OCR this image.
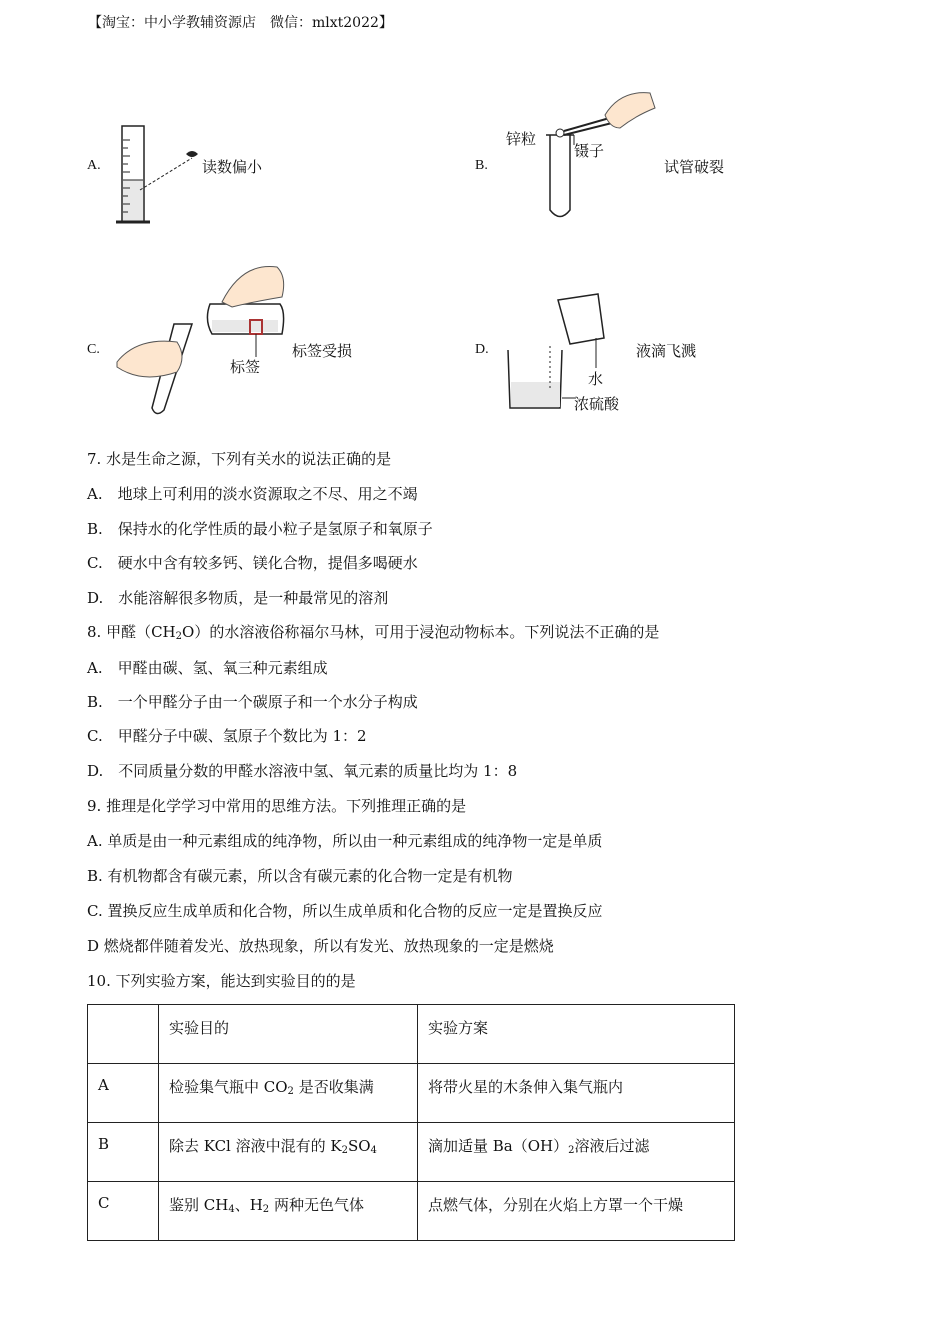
【淘宝：中小学教辅资源店　微信：mlxt2022】
A.	读数偏小	B.
锌粒
镊子
试管破裂
C.
标签
标签受损	D.
水
浓硫酸
液滴飞溅
7. 水是生命之源，下列有关水的说法正确的是
A.　地球上可利用的淡水资源取之不尽、用之不竭
B.　保持水的化学性质的最小粒子是氢原子和氧原子
C.　硬水中含有较多钙、镁化合物，提倡多喝硬水
D.　水能溶解很多物质，是一种最常见的溶剂
8. 甲醛$(CH_2O)$的水溶液俗称福尔马林，可用于浸泡动物标本。下列说法不正确的是
A.　甲醛由碳、氢、氧三种元素组成
B.　一个甲醛分子由一个碳原子和一个水分子构成
C.　甲醛分子中碳、氢原子个数比为 1：2
D.　不同质量分数的甲醛水溶液中氢、氧元素的质量比均为 1：8
9. 推理是化学学习中常用的思维方法。下列推理正确的是
A. 单质是由一种元素组成的纯净物，所以由一种元素组成的纯净物一定是单质
B. 有机物都含有碳元素，所以含有碳元素的化合物一定是有机物
C. 置换反应生成单质和化合物，所以生成单质和化合物的反应一定是置换反应
D 燃烧都伴随着发光、放热现象，所以有发光、放热现象的一定是燃烧
10. 下列实验方案，能达到实验目的的是
	实验目的	实验方案
A	检验集气瓶中 $CO_2$ 是否收集满	将带火星的木条伸入集气瓶内
B	除去 KCl 溶液中混有的 $K_2SO_4$	滴加适量 $Ba(OH)_2$溶液后过滤
C	鉴别 $CH_4$、$H_2$ 两种无色气体	点燃气体，分别在火焰上方罩一个干燥
